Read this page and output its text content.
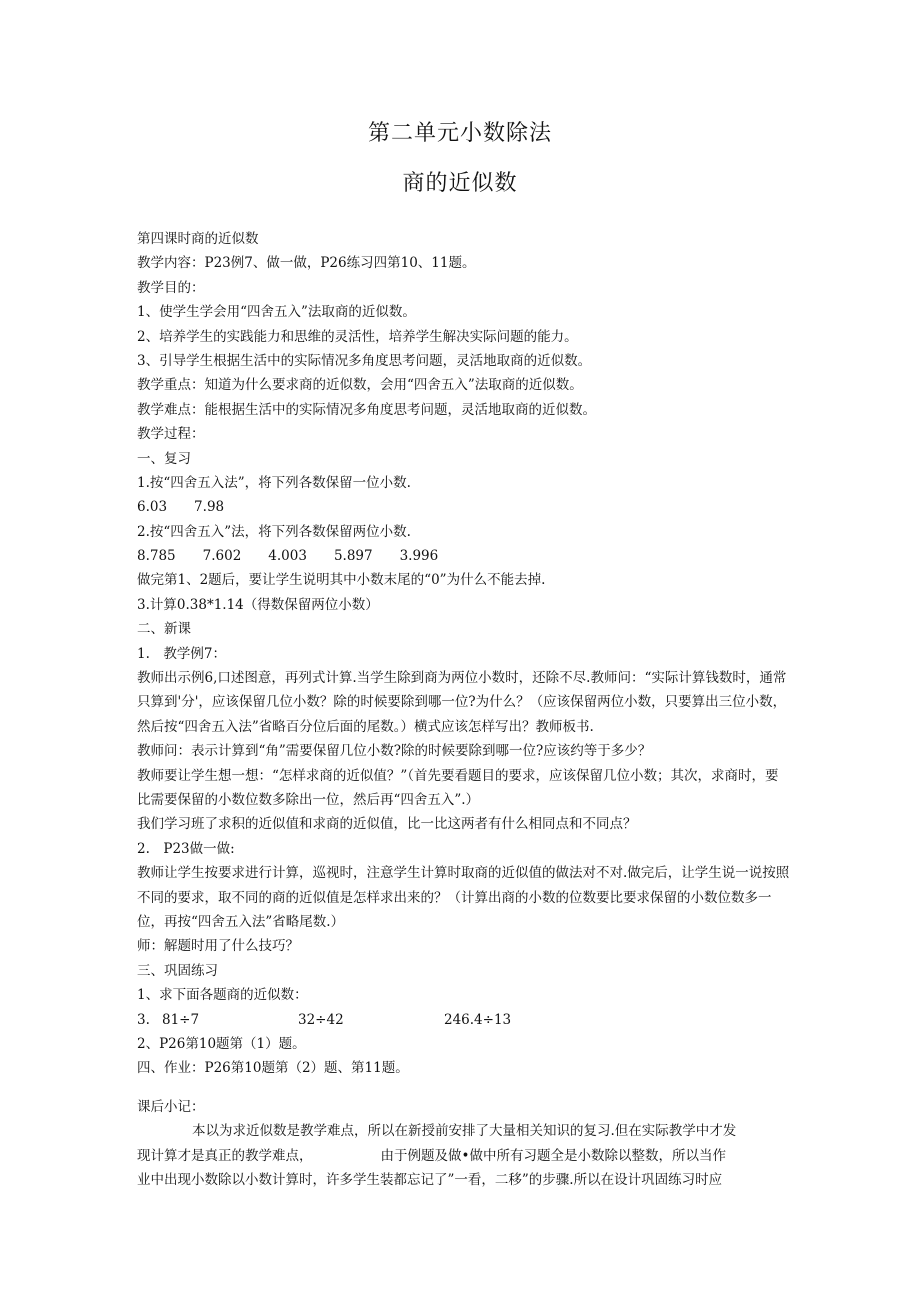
第二单元小数除法
商的近似数
第四课时商的近似数
教学内容：P23例7、做一做，P26练习四第10、11题。
教学目的：
1、使学生学会用“四舍五入”法取商的近似数。
2、培养学生的实践能力和思维的灵活性，培养学生解决实际问题的能力。
3、引导学生根据生活中的实际情况多角度思考问题，灵活地取商的近似数。
教学重点：知道为什么要求商的近似数，会用“四舍五入”法取商的近似数。
教学难点：能根据生活中的实际情况多角度思考问题，灵活地取商的近似数。
教学过程：
一、复习
1.按“四舍五入法”，将下列各数保留一位小数.
6.03　　7.98
2.按“四舍五入”法，将下列各数保留两位小数.
8.785　　7.602　　4.003　　5.897　　3.996
做完第1、2题后，要让学生说明其中小数末尾的“0”为什么不能去掉.
3.计算0.38*1.14（得数保留两位小数）
二、新课
1.　教学例7：
教师出示例6,口述图意，再列式计算.当学生除到商为两位小数时，还除不尽.教师问：“实际计算钱数时，通常只算到'分'，应该保留几位小数？除的时候要除到哪一位?为什么？（应该保留两位小数，只要算出三位小数，然后按“四舍五入法”省略百分位后面的尾数。）横式应该怎样写出？教师板书.
教师问：表示计算到“角”需要保留几位小数?除的时候要除到哪一位?应该约等于多少？
教师要让学生想一想：“怎样求商的近似值？”（首先要看题目的要求，应该保留几位小数；其次，求商时，要比需要保留的小数位数多除出一位，然后再“四舍五入”.）
我们学习班了求积的近似值和求商的近似值，比一比这两者有什么相同点和不同点？
2.　P23做一做:
教师让学生按要求进行计算，巡视时，注意学生计算时取商的近似值的做法对不对.做完后，让学生说一说按照不同的要求，取不同的商的近似值是怎样求出来的？（计算出商的小数的位数要比要求保留的小数位数多一位，再按“四舍五入法”省略尾数.）
师：解题时用了什么技巧？
三、巩固练习
1、求下面各题商的近似数：
3. 81÷7	32÷42	246.4÷13
2、P26第10题第（1）题。
四、作业：P26第10题第（2）题、第11题。
课后小记：
本以为求近似数是教学难点，所以在新授前安排了大量相关知识的复习.但在实际教学中才发
现计算才是真正的教学难点，	由于例题及做•做中所有习题全是小数除以整数，所以当作
业中出现小数除以小数计算时，许多学生装都忘记了”一看，二移”的步骤.所以在设计巩固练习时应
